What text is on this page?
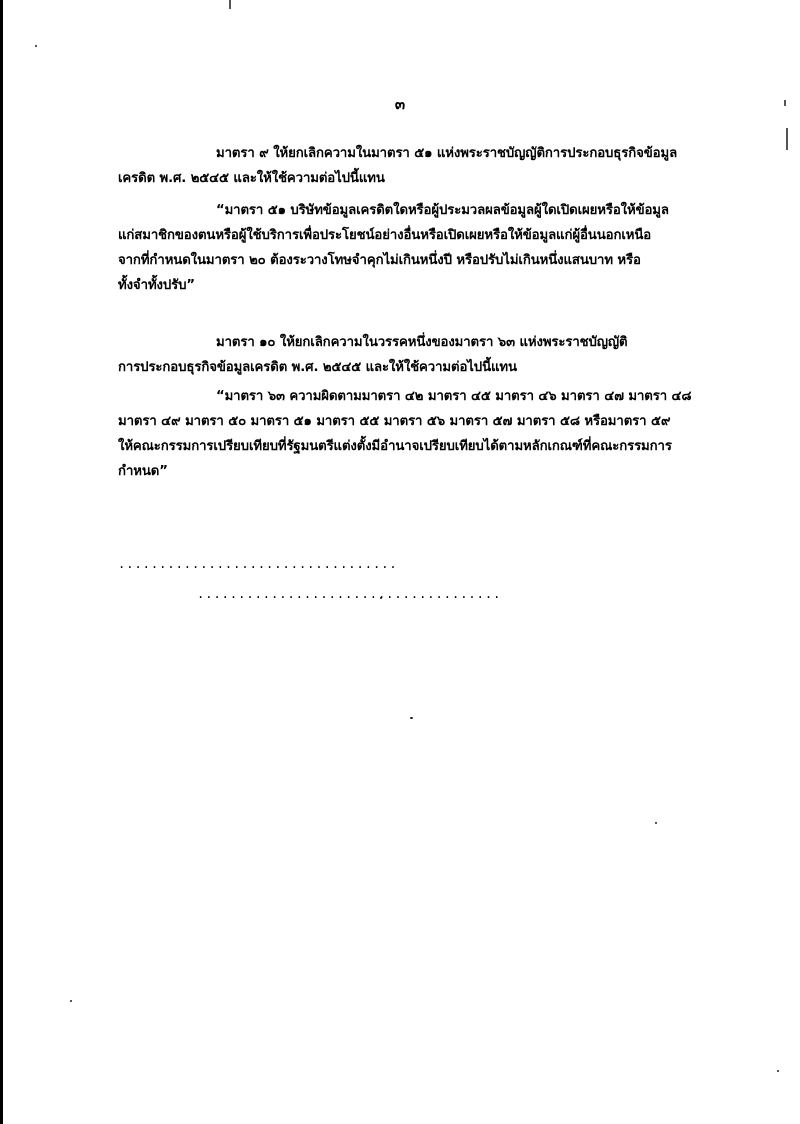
๓
มาตรา ๙ ให้ยกเลิกความในมาตรา ๕๑ แห่งพระราชบัญญัติการประกอบธุรกิจข้อมูล
เครดิต พ.ศ. ๒๕๔๕ และให้ใช้ความต่อไปนี้แทน
“มาตรา ๕๑ บริษัทข้อมูลเครดิตใดหรือผู้ประมวลผลข้อมูลผู้ใดเปิดเผยหรือให้ข้อมูล
แก่สมาชิกของตนหรือผู้ใช้บริการเพื่อประโยชน์อย่างอื่นหรือเปิดเผยหรือให้ข้อมูลแก่ผู้อื่นนอกเหนือ
จากที่กำหนดในมาตรา ๒๐ ต้องระวางโทษจำคุกไม่เกินหนึ่งปี หรือปรับไม่เกินหนึ่งแสนบาท หรือ
ทั้งจำทั้งปรับ”
มาตรา ๑๐ ให้ยกเลิกความในวรรคหนึ่งของมาตรา ๖๓ แห่งพระราชบัญญัติ
การประกอบธุรกิจข้อมูลเครดิต พ.ศ. ๒๕๔๕ และให้ใช้ความต่อไปนี้แทน
“มาตรา ๖๓ ความผิดตามมาตรา ๔๒ มาตรา ๔๕ มาตรา ๔๖ มาตรา ๔๗ มาตรา ๔๘
มาตรา ๔๙ มาตรา ๕๐ มาตรา ๕๑ มาตรา ๕๕ มาตรา ๕๖ มาตรา ๕๗ มาตรา ๕๘ หรือมาตรา ๕๙
ให้คณะกรรมการเปรียบเทียบที่รัฐมนตรีแต่งตั้งมีอำนาจเปรียบเทียบได้ตามหลักเกณฑ์ที่คณะกรรมการ
กำหนด”
..................................
.....................................
